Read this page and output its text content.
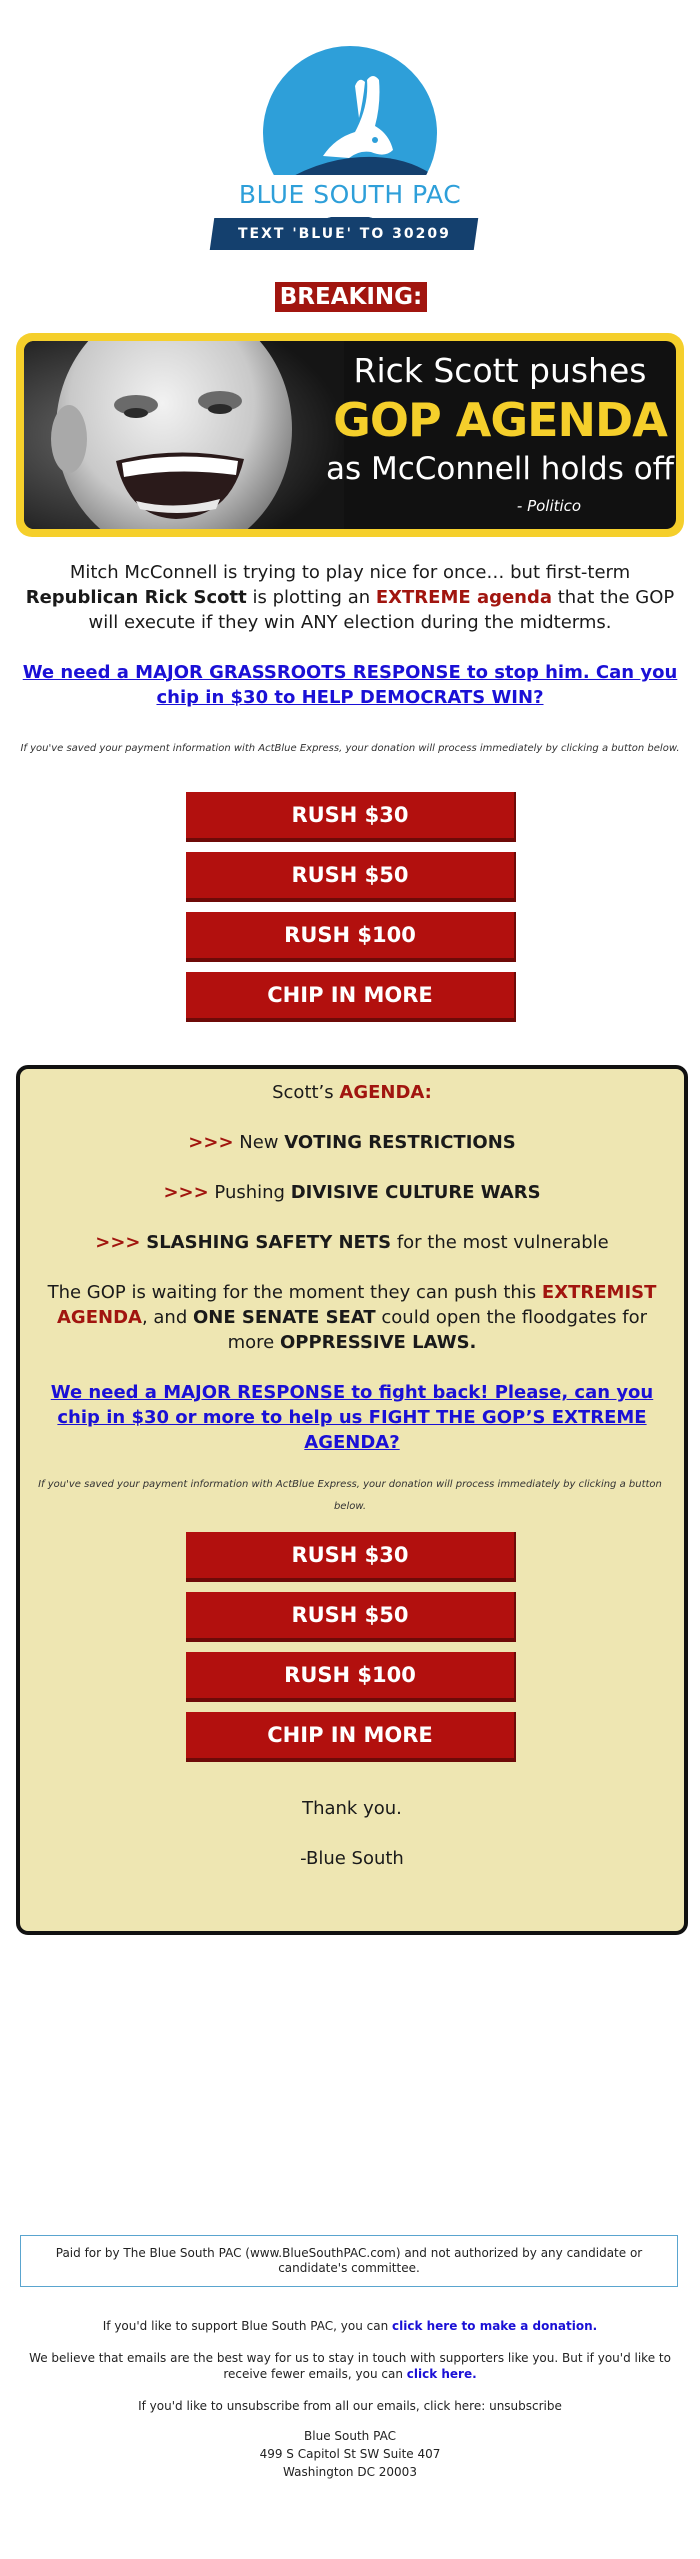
BLUE SOUTH PAC
TEXT 'BLUE' TO 30209
BREAKING:
Rick Scott pushes
GOP AGENDA
as McConnell holds off
- Politico
Mitch McConnell is trying to play nice for once… but first-term Republican Rick Scott is plotting an EXTREME agenda that the GOP will execute if they win ANY election during the midterms.
We need a MAJOR GRASSROOTS RESPONSE to stop him. Can you chip in $30 to HELP DEMOCRATS WIN?
If you've saved your payment information with ActBlue Express, your donation will process immediately by clicking a button below.
RUSH $30
RUSH $50
RUSH $100
CHIP IN MORE
Scott’s AGENDA:
>>> New VOTING RESTRICTIONS
>>> Pushing DIVISIVE CULTURE WARS
>>> SLASHING SAFETY NETS for the most vulnerable
The GOP is waiting for the moment they can push this EXTREMIST AGENDA, and ONE SENATE SEAT could open the floodgates for more OPPRESSIVE LAWS.
We need a MAJOR RESPONSE to fight back! Please, can you chip in $30 or more to help us FIGHT THE GOP’S EXTREME AGENDA?
If you've saved your payment information with ActBlue Express, your donation will process immediately by clicking a button below.
RUSH $30
RUSH $50
RUSH $100
CHIP IN MORE
Thank you.
-Blue South
Paid for by The Blue South PAC (www.BlueSouthPAC.com) and not authorized by any candidate or candidate's committee.
If you'd like to support Blue South PAC, you can click here to make a donation.
We believe that emails are the best way for us to stay in touch with supporters like you. But if you'd like to receive fewer emails, you can click here.
If you'd like to unsubscribe from all our emails, click here: unsubscribe
Blue South PAC
499 S Capitol St SW Suite 407
Washington DC 20003
